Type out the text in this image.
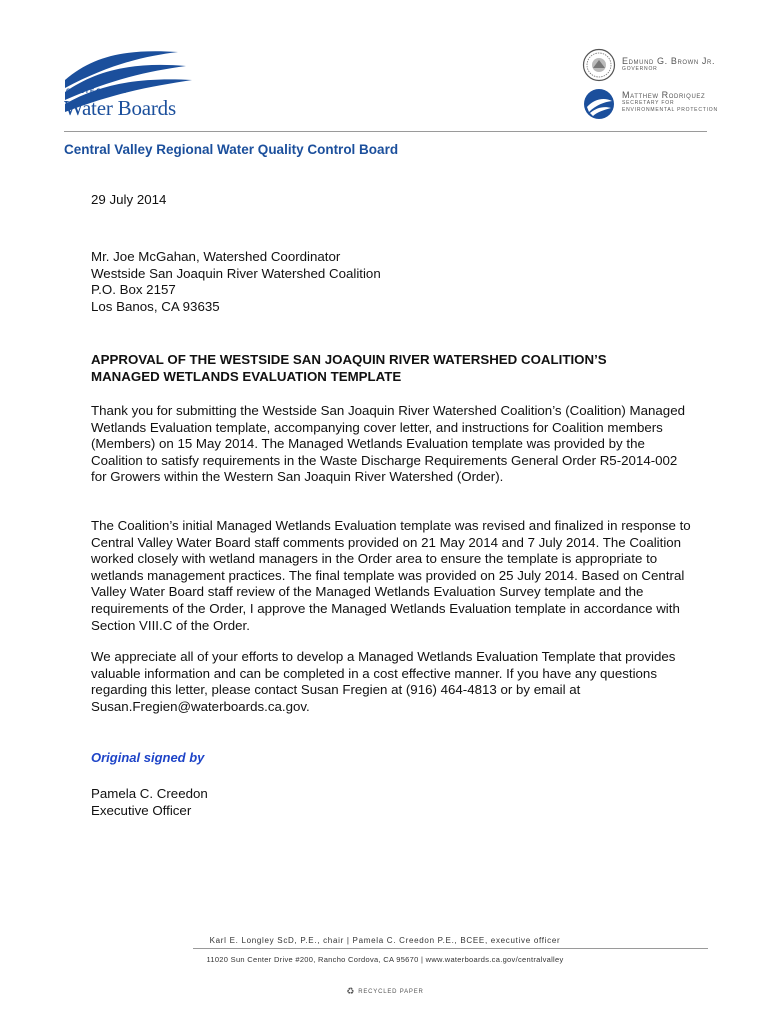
CALIFORNIA
Water Boards
Edmund G. Brown Jr.
GOVERNOR
Matthew Rodriquez
SECRETARY FOR
ENVIRONMENTAL PROTECTION
Central Valley Regional Water Quality Control Board
29 July 2014
Mr. Joe McGahan, Watershed Coordinator
Westside San Joaquin River Watershed Coalition
P.O. Box 2157
Los Banos, CA 93635
APPROVAL OF THE WESTSIDE SAN JOAQUIN RIVER WATERSHED COALITION’S
MANAGED WETLANDS EVALUATION TEMPLATE
Thank you for submitting the Westside San Joaquin River Watershed Coalition’s (Coalition) Managed Wetlands Evaluation template, accompanying cover letter, and instructions for Coalition members (Members) on 15 May 2014. The Managed Wetlands Evaluation template was provided by the Coalition to satisfy requirements in the Waste Discharge Requirements General Order R5-2014-002 for Growers within the Western San Joaquin River Watershed (Order).
The Coalition’s initial Managed Wetlands Evaluation template was revised and finalized in response to Central Valley Water Board staff comments provided on 21 May 2014 and 7 July 2014. The Coalition worked closely with wetland managers in the Order area to ensure the template is appropriate to wetlands management practices. The final template was provided on 25 July 2014. Based on Central Valley Water Board staff review of the Managed Wetlands Evaluation Survey template and the requirements of the Order, I approve the Managed Wetlands Evaluation template in accordance with Section VIII.C of the Order.
We appreciate all of your efforts to develop a Managed Wetlands Evaluation Template that provides valuable information and can be completed in a cost effective manner. If you have any questions regarding this letter, please contact Susan Fregien at (916) 464-4813 or by email at Susan.Fregien@waterboards.ca.gov.
Original signed by
Pamela C. Creedon
Executive Officer
Karl E. Longley ScD, P.E., chair | Pamela C. Creedon P.E., BCEE, executive officer
11020 Sun Center Drive #200, Rancho Cordova, CA 95670 | www.waterboards.ca.gov/centralvalley
♻ RECYCLED PAPER
